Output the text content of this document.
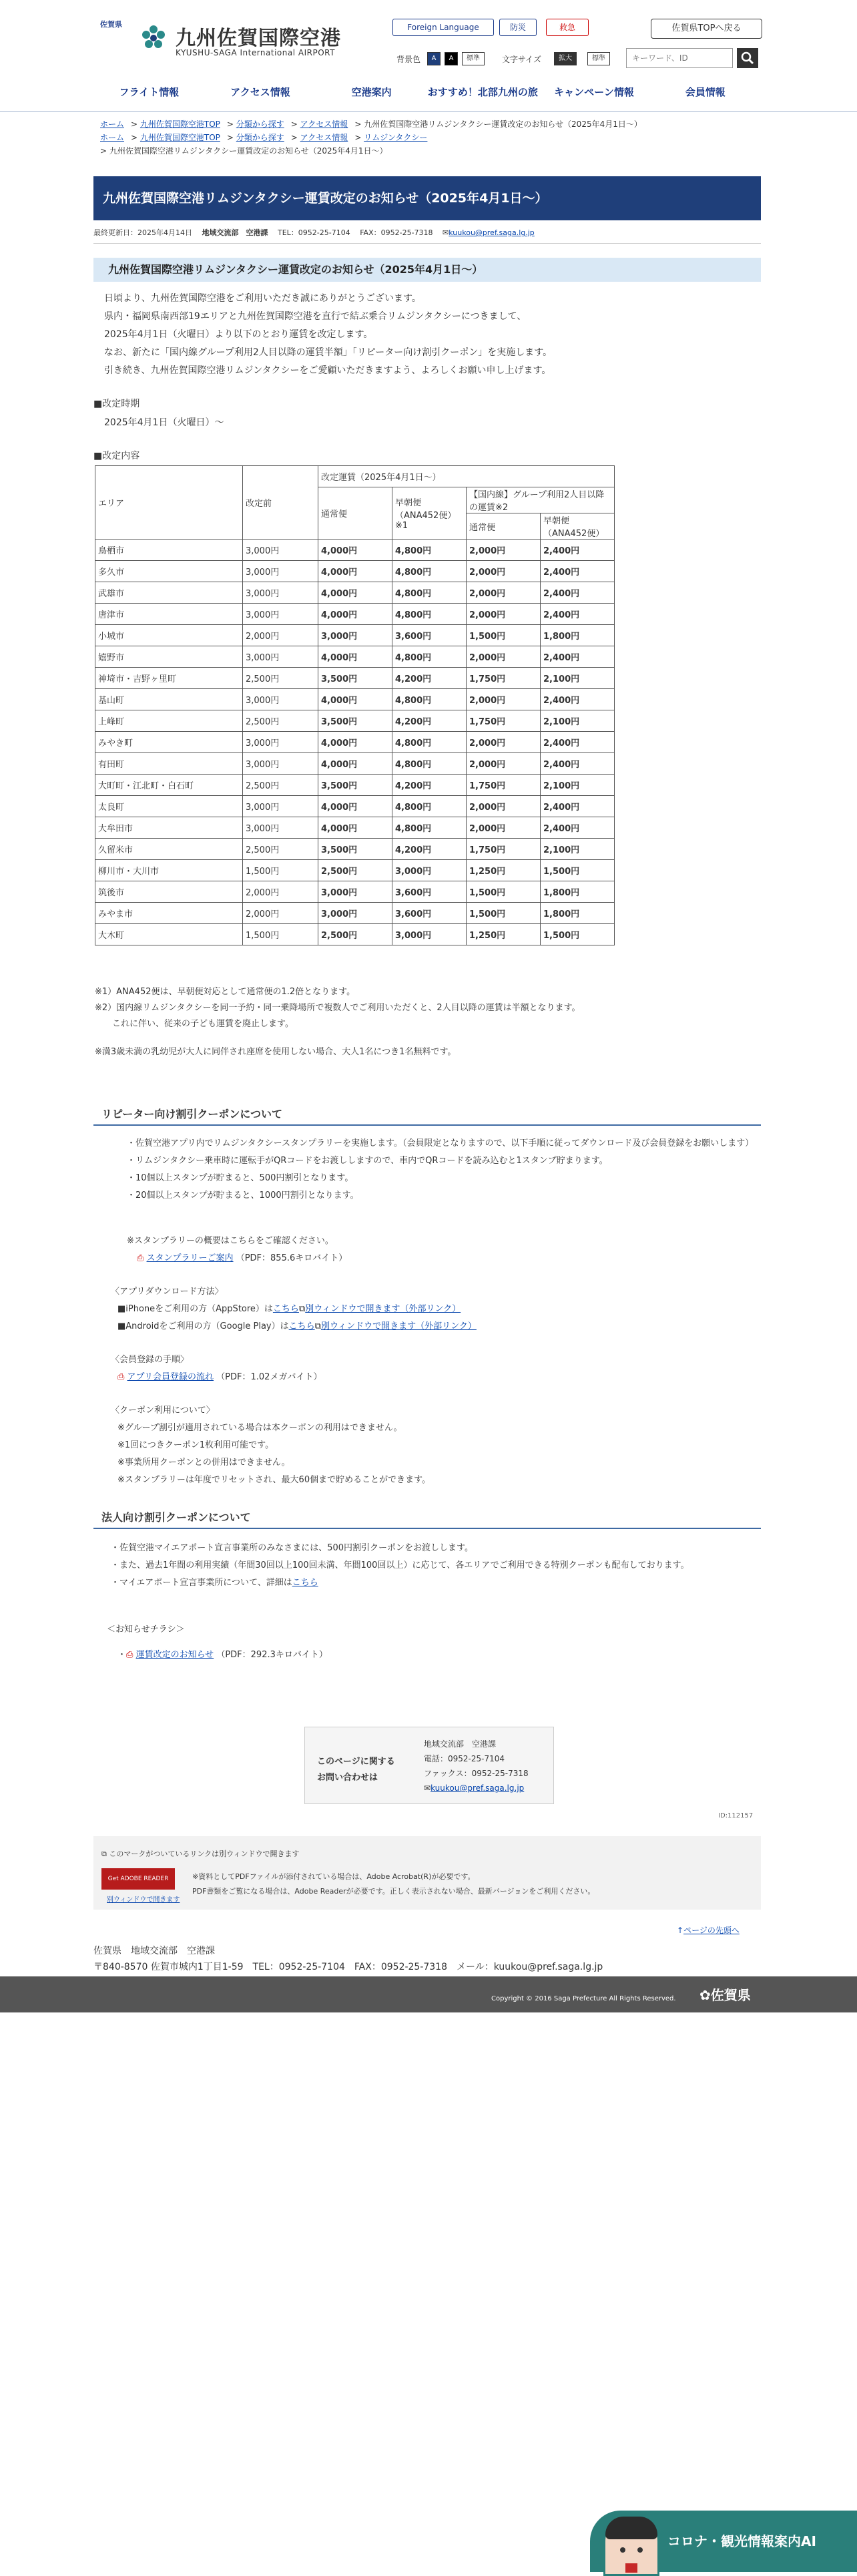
佐賀県
九州佐賀国際空港
KYUSHU-SAGA International AIRPORT
Foreign Language	防災	救急	佐賀県TOPへ戻る
背景色	A	A	標準	文字サイズ	拡大	標準
キーワード、ID
フライト情報	アクセス情報	空港案内	おすすめ！北部九州の旅	キャンペーン情報	会員情報
ホーム > 九州佐賀国際空港TOP > 分類から探す > アクセス情報 > 九州佐賀国際空港リムジンタクシー運賃改定のお知らせ（2025年4月1日〜）
ホーム > 九州佐賀国際空港TOP > 分類から探す > アクセス情報 > リムジンタクシー
> 九州佐賀国際空港リムジンタクシー運賃改定のお知らせ（2025年4月1日〜）
九州佐賀国際空港リムジンタクシー運賃改定のお知らせ（2025年4月1日〜）
最終更新日：2025年4月14日　 地域交流部　空港課　 TEL：0952-25-7104　 FAX：0952-25-7318　 ✉kuukou@pref.saga.lg.jp
九州佐賀国際空港リムジンタクシー運賃改定のお知らせ（2025年4月1日〜）
日頃より、九州佐賀国際空港をご利用いただき誠にありがとうございます。
県内・福岡県南西部19エリアと九州佐賀国際空港を直行で結ぶ乗合リムジンタクシーにつきまして、
2025年4月1日（火曜日）より以下のとおり運賃を改定します。
なお、新たに「国内線グループ利用2人目以降の運賃半額」「リピーター向け割引クーポン」を実施します。
引き続き、九州佐賀国際空港リムジンタクシーをご愛顧いただきますよう、よろしくお願い申し上げます。
■改定時期
2025年4月1日（火曜日）〜
■改定内容
エリア	改定前	改定運賃（2025年4月1日〜）			
		通常便	早朝便（ANA452便）※1	【国内線】グループ利用2人目以降の運賃※2	
				通常便	早朝便（ANA452便）
鳥栖市	3,000円	4,000円	4,800円	2,000円	2,400円
多久市	3,000円	4,000円	4,800円	2,000円	2,400円
武雄市	3,000円	4,000円	4,800円	2,000円	2,400円
唐津市	3,000円	4,000円	4,800円	2,000円	2,400円
小城市	2,000円	3,000円	3,600円	1,500円	1,800円
嬉野市	3,000円	4,000円	4,800円	2,000円	2,400円
神埼市・吉野ヶ里町	2,500円	3,500円	4,200円	1,750円	2,100円
基山町	3,000円	4,000円	4,800円	2,000円	2,400円
上峰町	2,500円	3,500円	4,200円	1,750円	2,100円
みやき町	3,000円	4,000円	4,800円	2,000円	2,400円
有田町	3,000円	4,000円	4,800円	2,000円	2,400円
大町町・江北町・白石町	2,500円	3,500円	4,200円	1,750円	2,100円
太良町	3,000円	4,000円	4,800円	2,000円	2,400円
大牟田市	3,000円	4,000円	4,800円	2,000円	2,400円
久留米市	2,500円	3,500円	4,200円	1,750円	2,100円
柳川市・大川市	1,500円	2,500円	3,000円	1,250円	1,500円
筑後市	2,000円	3,000円	3,600円	1,500円	1,800円
みやま市	2,000円	3,000円	3,600円	1,500円	1,800円
大木町	1,500円	2,500円	3,000円	1,250円	1,500円
※1）ANA452便は、早朝便対応として通常便の1.2倍となります。
※2）国内線リムジンタクシーを同一予約・同一乗降場所で複数人でご利用いただくと、2人目以降の運賃は半額となります。
　　これに伴い、従来の子ども運賃を廃止します。
※満3歳未満の乳幼児が大人に同伴され座席を使用しない場合、大人1名につき1名無料です。
リピーター向け割引クーポンについて
・佐賀空港アプリ内でリムジンタクシースタンプラリーを実施します。（会員限定となりますので、以下手順に従ってダウンロード及び会員登録をお願いします）
・リムジンタクシー乗車時に運転手がQRコードをお渡ししますので、車内でQRコードを読み込むと1スタンプ貯まります。
・10個以上スタンプが貯まると、500円割引となります。
・20個以上スタンプが貯まると、1000円割引となります。
※スタンプラリーの概要はこちらをご確認ください。
⎙ スタンプラリーご案内 （PDF：855.6キロバイト）
〈アプリダウンロード方法〉
■iPhoneをご利用の方（AppStore）はこちら⧉別ウィンドウで開きます（外部リンク）
■Androidをご利用の方（Google Play）はこちら⧉別ウィンドウで開きます（外部リンク）
〈会員登録の手順〉
⎙ アプリ会員登録の流れ （PDF：1.02メガバイト）
〈クーポン利用について〉
※グループ割引が適用されている場合は本クーポンの利用はできません。
※1回につきクーポン1枚利用可能です。
※事業所用クーポンとの併用はできません。
※スタンプラリーは年度でリセットされ、最大60個まで貯めることができます。
法人向け割引クーポンについて
・佐賀空港マイエアポート宣言事業所のみなさまには、500円割引クーポンをお渡しします。
・また、過去1年間の利用実績（年間30回以上100回未満、年間100回以上）に応じて、各エリアでご利用できる特別クーポンも配布しております。
・マイエアポート宣言事業所について、詳細はこちら
＜お知らせチラシ＞
・⎙ 運賃改定のお知らせ （PDF：292.3キロバイト）
このページに関する
お問い合わせは
地域交流部　空港課
電話：0952-25-7104
ファックス：0952-25-7318
✉kuukou@pref.saga.lg.jp
ID:112157
⧉ このマークがついているリンクは別ウィンドウで開きます
Get ADOBE READER
別ウィンドウで開きます
※資料としてPDFファイルが添付されている場合は、Adobe Acrobat(R)が必要です。
PDF書類をご覧になる場合は、Adobe Readerが必要です。正しく表示されない場合、最新バージョンをご利用ください。
↑ページの先頭へ
佐賀県　地域交流部　空港課
〒840-8570 佐賀市城内1丁目1-59　TEL：0952-25-7104　FAX：0952-25-7318　メール：kuukou@pref.saga.lg.jp
Copyright © 2016 Saga Prefecture All Rights Reserved. ✿佐賀県
コロナ・観光情報案内AI
